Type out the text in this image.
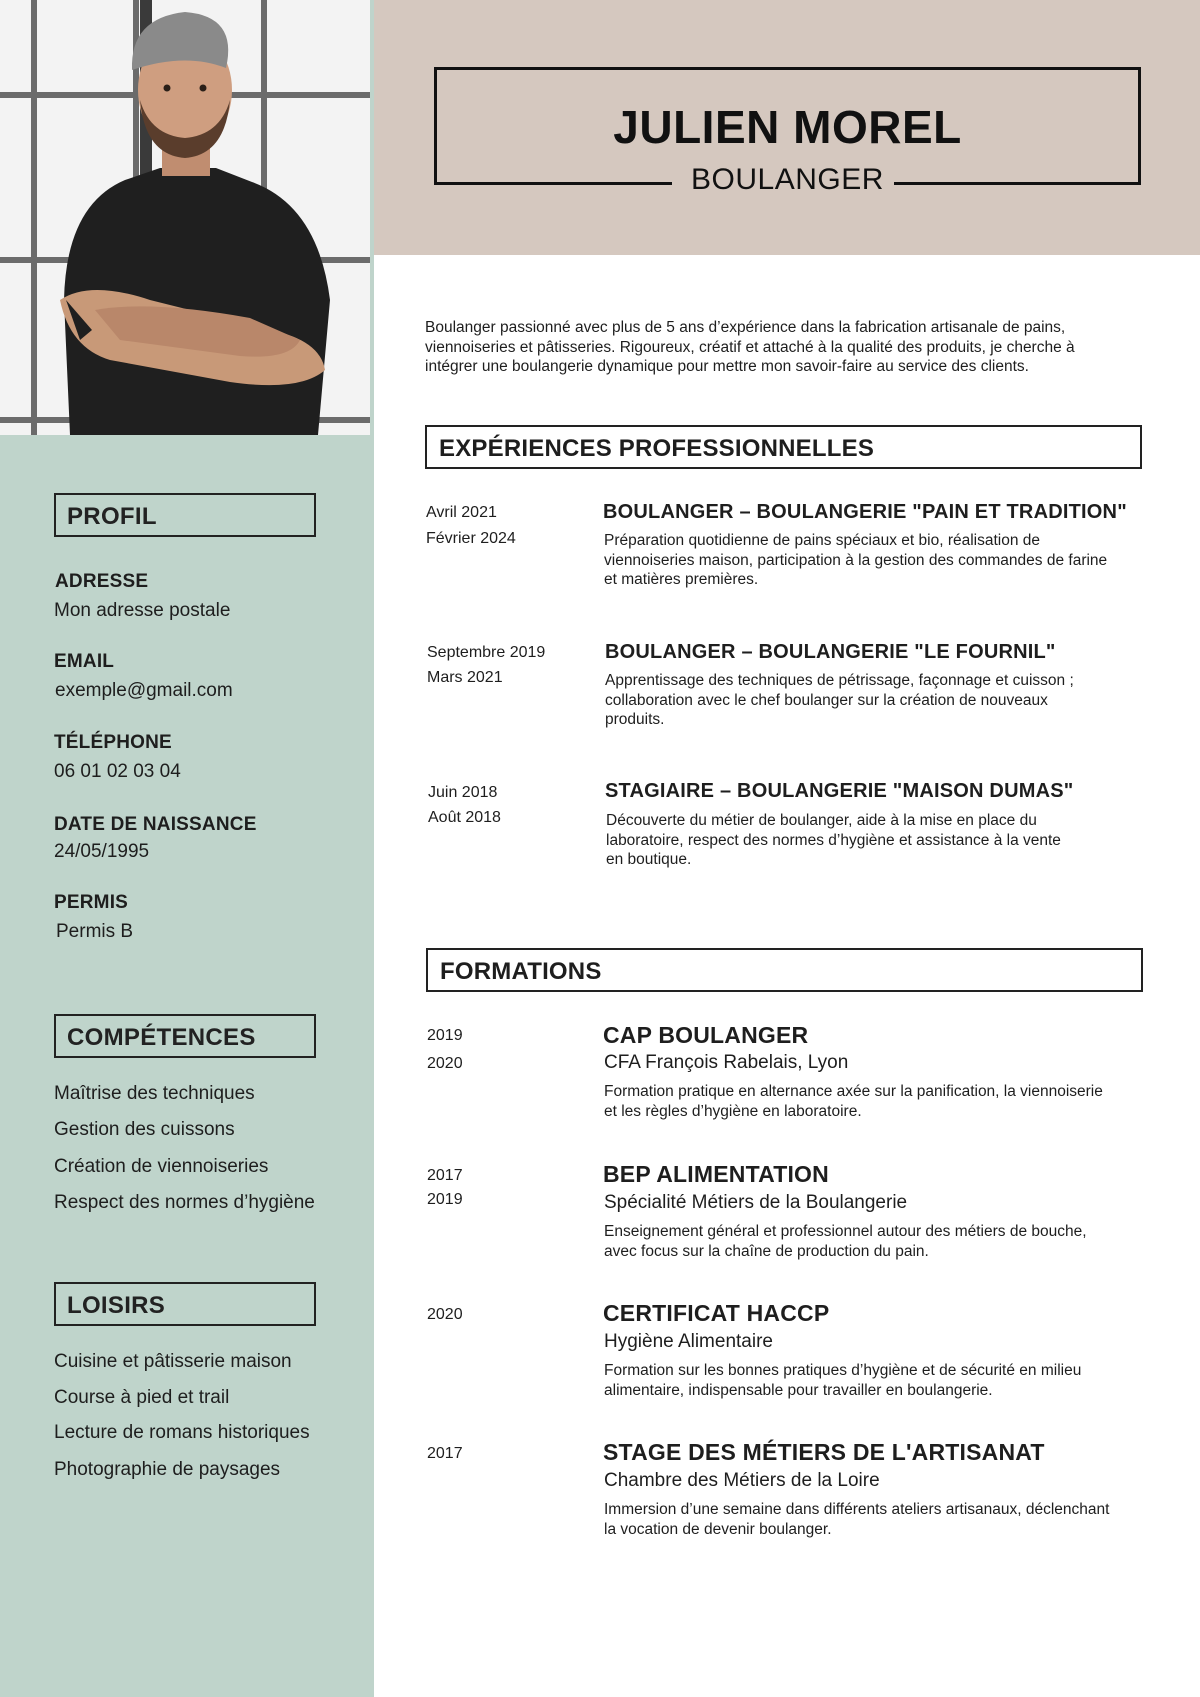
PROFIL
ADRESSE
Mon adresse postale
EMAIL
exemple@gmail.com
TÉLÉPHONE
06 01 02 03 04
DATE DE NAISSANCE
24/05/1995
PERMIS
Permis B
COMPÉTENCES
Maîtrise des techniques
Gestion des cuissons
Création de viennoiseries
Respect des normes d’hygiène
LOISIRS
Cuisine et pâtisserie maison
Course à pied et trail
Lecture de romans historiques
Photographie de paysages
JULIEN MOREL
BOULANGER
Boulanger passionné avec plus de 5 ans d’expérience dans la fabrication artisanale de pains, viennoiseries et pâtisseries. Rigoureux, créatif et attaché à la qualité des produits, je cherche à intégrer une boulangerie dynamique pour mettre mon savoir-faire au service des clients.
EXPÉRIENCES PROFESSIONNELLES
Avril 2021
Février 2024
BOULANGER – BOULANGERIE "PAIN ET TRADITION"
Préparation quotidienne de pains spéciaux et bio, réalisation de
viennoiseries maison, participation à la gestion des commandes de farine
et matières premières.
Septembre 2019
Mars 2021
BOULANGER – BOULANGERIE "LE FOURNIL"
Apprentissage des techniques de pétrissage, façonnage et cuisson ;
collaboration avec le chef boulanger sur la création de nouveaux
produits.
Juin 2018
Août 2018
STAGIAIRE – BOULANGERIE "MAISON DUMAS"
Découverte du métier de boulanger, aide à la mise en place du
laboratoire, respect des normes d’hygiène et assistance à la vente
en boutique.
FORMATIONS
2019
2020
CAP BOULANGER
CFA François Rabelais, Lyon
Formation pratique en alternance axée sur la panification, la viennoiserie
et les règles d’hygiène en laboratoire.
2017
2019
BEP ALIMENTATION
Spécialité Métiers de la Boulangerie
Enseignement général et professionnel autour des métiers de bouche,
avec focus sur la chaîne de production du pain.
2020	CERTIFICAT HACCP
Hygiène Alimentaire
Formation sur les bonnes pratiques d’hygiène et de sécurité en milieu
alimentaire, indispensable pour travailler en boulangerie.
2017	STAGE DES MÉTIERS DE L'ARTISANAT
Chambre des Métiers de la Loire
Immersion d’une semaine dans différents ateliers artisanaux, déclenchant
la vocation de devenir boulanger.
